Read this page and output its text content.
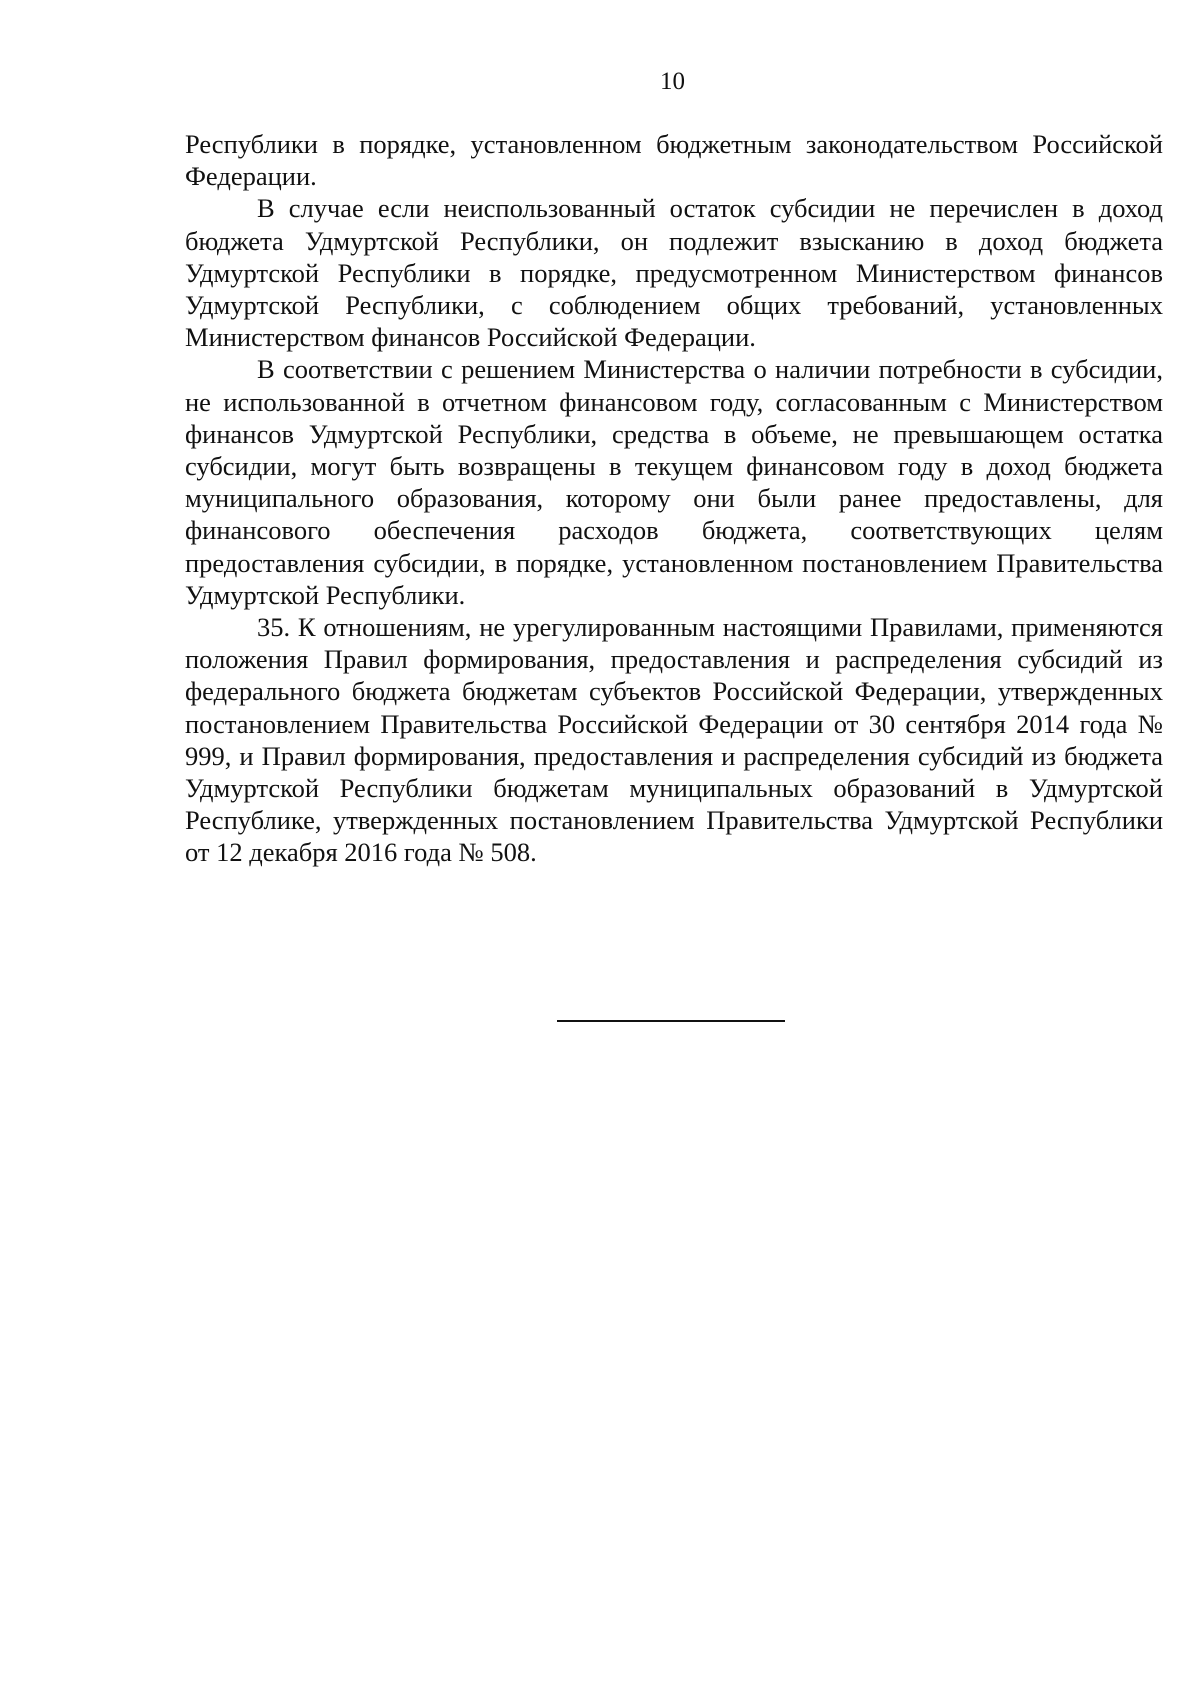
10

Республики в порядке, установленном бюджетным законодательством Российской Федерации.

В случае если неиспользованный остаток субсидии не перечислен в доход бюджета Удмуртской Республики, он подлежит взысканию в доход бюджета Удмуртской Республики в порядке, предусмотренном Министерством финансов Удмуртской Республики, с соблюдением общих требований, установленных Министерством финансов Российской Федерации.

В соответствии с решением Министерства о наличии потребности в субсидии, не использованной в отчетном финансовом году, согласованным с Министерством финансов Удмуртской Республики, средства в объеме, не превышающем остатка субсидии, могут быть возвращены в текущем финансовом году в доход бюджета муниципального образования, которому они были ранее предоставлены, для финансового обеспечения расходов бюджета, соответствующих целям предоставления субсидии, в порядке, установленном постановлением Правительства Удмуртской Республики.

35. К отношениям, не урегулированным настоящими Правилами, применяются положения Правил формирования, предоставления и распределения субсидий из федерального бюджета бюджетам субъектов Российской Федерации, утвержденных постановлением Правительства Российской Федерации от 30 сентября 2014 года № 999, и Правил формирования, предоставления и распределения субсидий из бюджета Удмуртской Республики бюджетам муниципальных образований в Удмуртской Республике, утвержденных постановлением Правительства Удмуртской Республики от 12 декабря 2016 года № 508.
